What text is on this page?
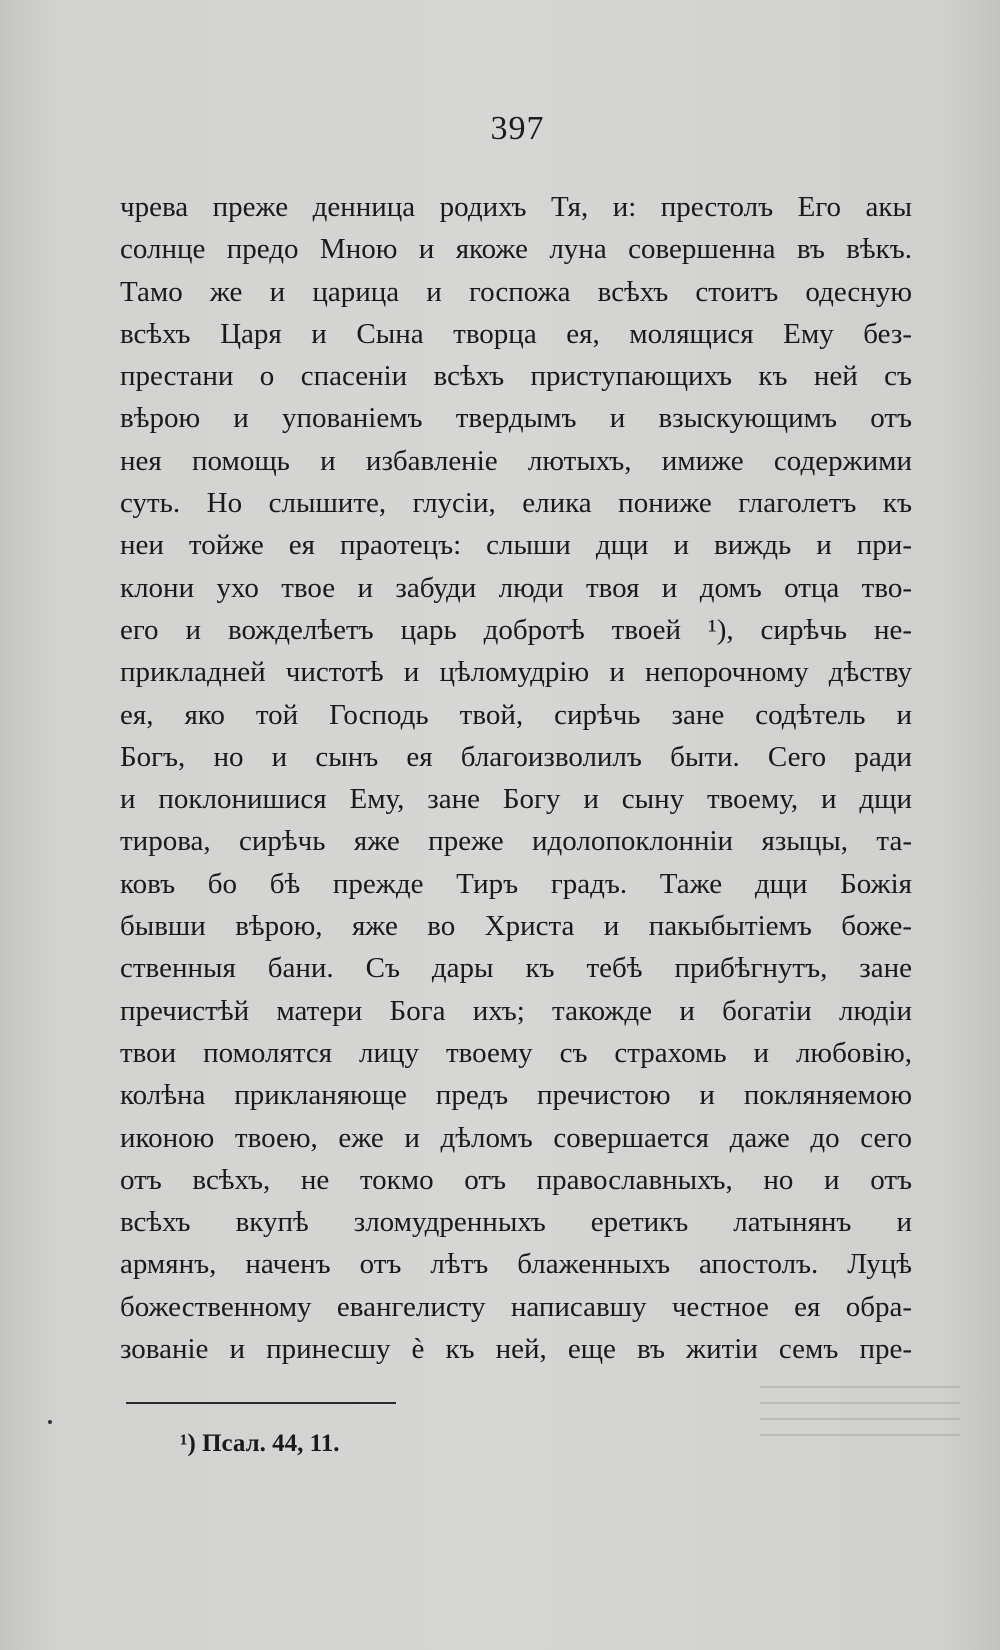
397
чрева преже денница родихъ Тя, и: престолъ Его акы
солнце предо Мною и якоже луна совершенна въ вѣкъ.
Тамо же и царица и госпожа всѣхъ стоитъ одесную
всѣхъ Царя и Сына творца ея, молящися Ему без-
престани о спасеніи всѣхъ приступающихъ къ ней съ
вѣрою и упованіемъ твердымъ и взыскующимъ отъ
нея помощь и избавленіе лютыхъ, имиже содержими
суть. Но слышите, глусіи, елика пониже глаголетъ къ
неи тойже ея праотецъ: слыши дщи и виждь и при-
клони ухо твое и забуди люди твоя и домъ отца тво-
его и вожделѣетъ царь добротѣ твоей ¹), сирѣчь не-
прикладней чистотѣ и цѣломудрію и непорочному дѣству
ея, яко той Господь твой, сирѣчь зане содѣтель и
Богъ, но и сынъ ея благоизволилъ быти. Сего ради
и поклонишися Ему, зане Богу и сыну твоему, и дщи
тирова, сирѣчь яже преже идолопоклонніи языцы, та-
ковъ бо бѣ прежде Тиръ градъ. Таже дщи Божія
бывши вѣрою, яже во Христа и пакыбытіемъ боже-
ственныя бани. Съ дары къ тебѣ прибѣгнутъ, зане
пречистѣй матери Бога ихъ; такожде и богатіи людіи
твои помолятся лицу твоему съ страхомь и любовію,
колѣна прикланяюще предъ пречистою и покляняемою
иконою твоею, еже и дѣломъ совершается даже до сего
отъ всѣхъ, не токмо отъ православныхъ, но и отъ
всѣхъ вкупѣ зломудренныхъ еретикъ латынянъ и
армянъ, наченъ отъ лѣтъ блаженныхъ апостолъ. Луцѣ
божественному евангелисту написавшу честное ея обра-
зованіе и принесшу ѐ къ ней, еще въ житіи семъ пре-
¹) Псал. 44, 11.
